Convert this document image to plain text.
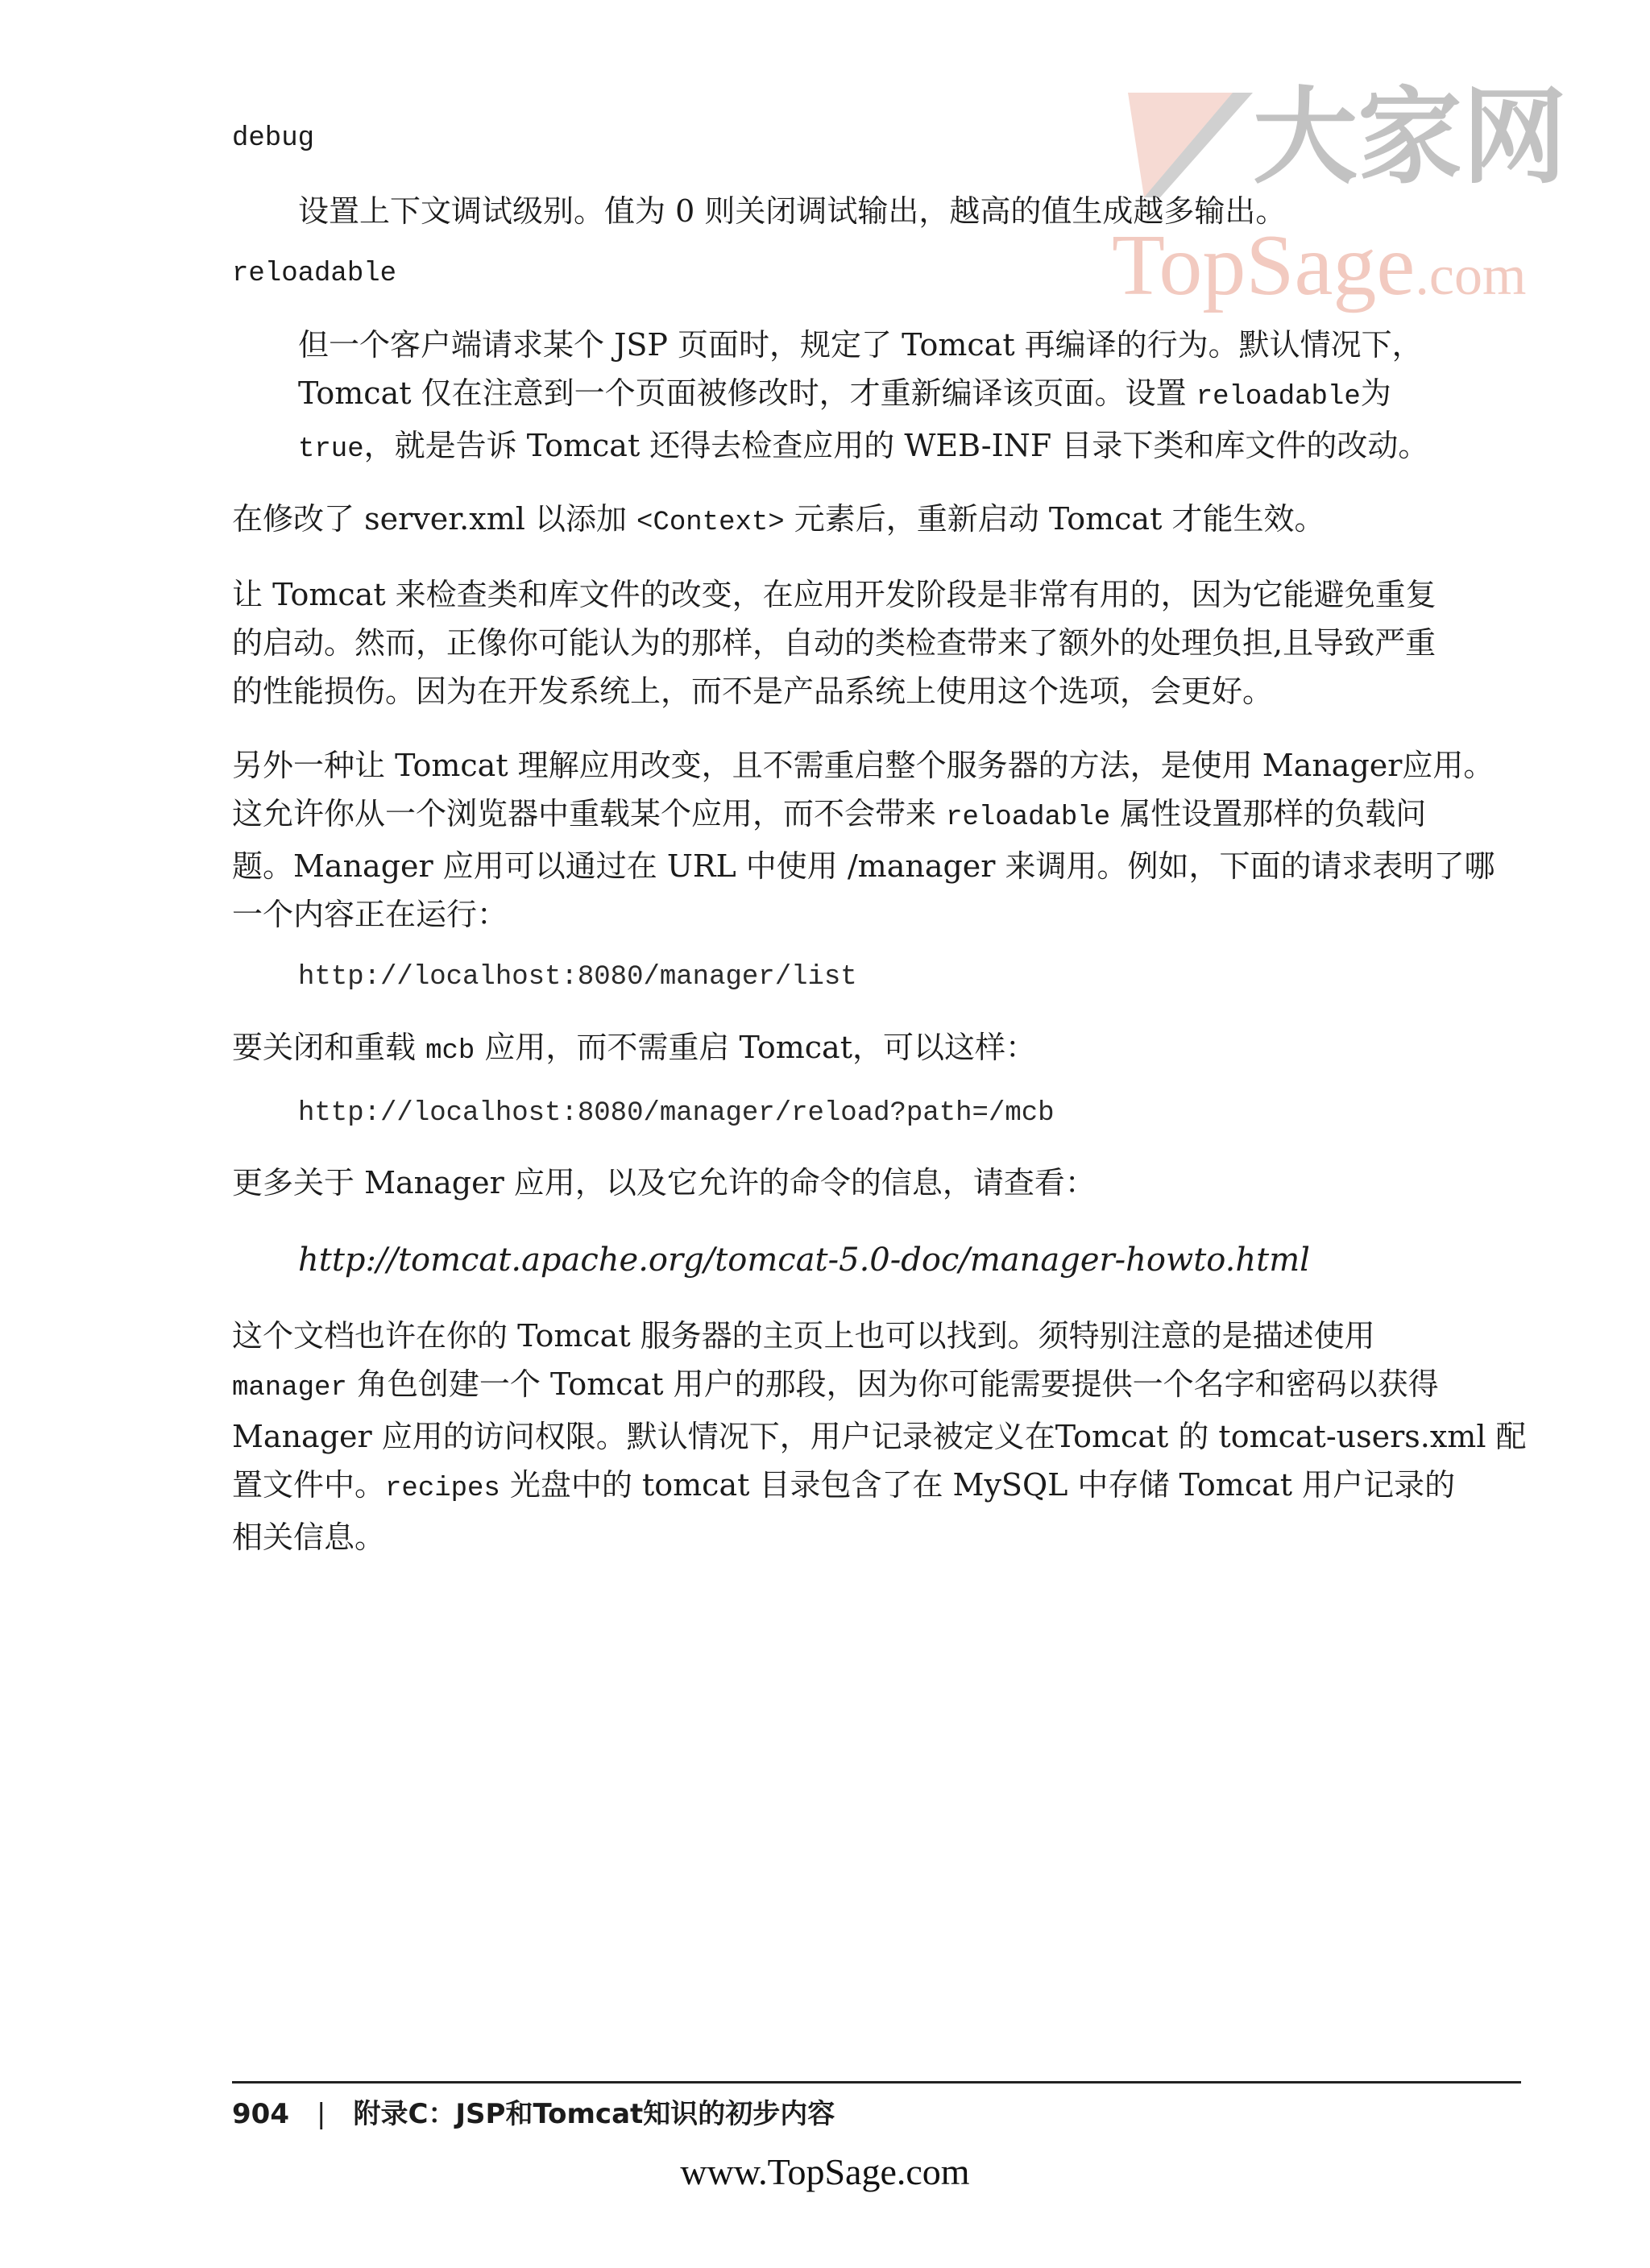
大家网
TopSage.com
debug
设置上下文调试级别。值为 0 则关闭调试输出，越高的值生成越多输出。
reloadable
但一个客户端请求某个 JSP 页面时，规定了 Tomcat 再编译的行为。默认情况下，
Tomcat 仅在注意到一个页面被修改时，才重新编译该页面。设置 reloadable为
true，就是告诉 Tomcat 还得去检查应用的 WEB-INF 目录下类和库文件的改动。
在修改了 server.xml 以添加 <Context> 元素后，重新启动 Tomcat 才能生效。
让 Tomcat 来检查类和库文件的改变，在应用开发阶段是非常有用的，因为它能避免重复
的启动。然而，正像你可能认为的那样，自动的类检查带来了额外的处理负担,且导致严重
的性能损伤。因为在开发系统上，而不是产品系统上使用这个选项，会更好。
另外一种让 Tomcat 理解应用改变，且不需重启整个服务器的方法，是使用 Manager应用。
这允许你从一个浏览器中重载某个应用，而不会带来 reloadable 属性设置那样的负载问
题。Manager 应用可以通过在 URL 中使用 /manager 来调用。例如，下面的请求表明了哪
一个内容正在运行：
http://localhost:8080/manager/list
要关闭和重载 mcb 应用，而不需重启 Tomcat，可以这样：
http://localhost:8080/manager/reload?path=/mcb
更多关于 Manager 应用，以及它允许的命令的信息，请查看：
http://tomcat.apache.org/tomcat-5.0-doc/manager-howto.html
这个文档也许在你的 Tomcat 服务器的主页上也可以找到。须特别注意的是描述使用
manager 角色创建一个 Tomcat 用户的那段，因为你可能需要提供一个名字和密码以获得
Manager 应用的访问权限。默认情况下，用户记录被定义在Tomcat 的 tomcat-users.xml 配
置文件中。recipes 光盘中的 tomcat 目录包含了在 MySQL 中存储 Tomcat 用户记录的
相关信息。
904 | 附录C：JSP和Tomcat知识的初步内容
www.TopSage.com
